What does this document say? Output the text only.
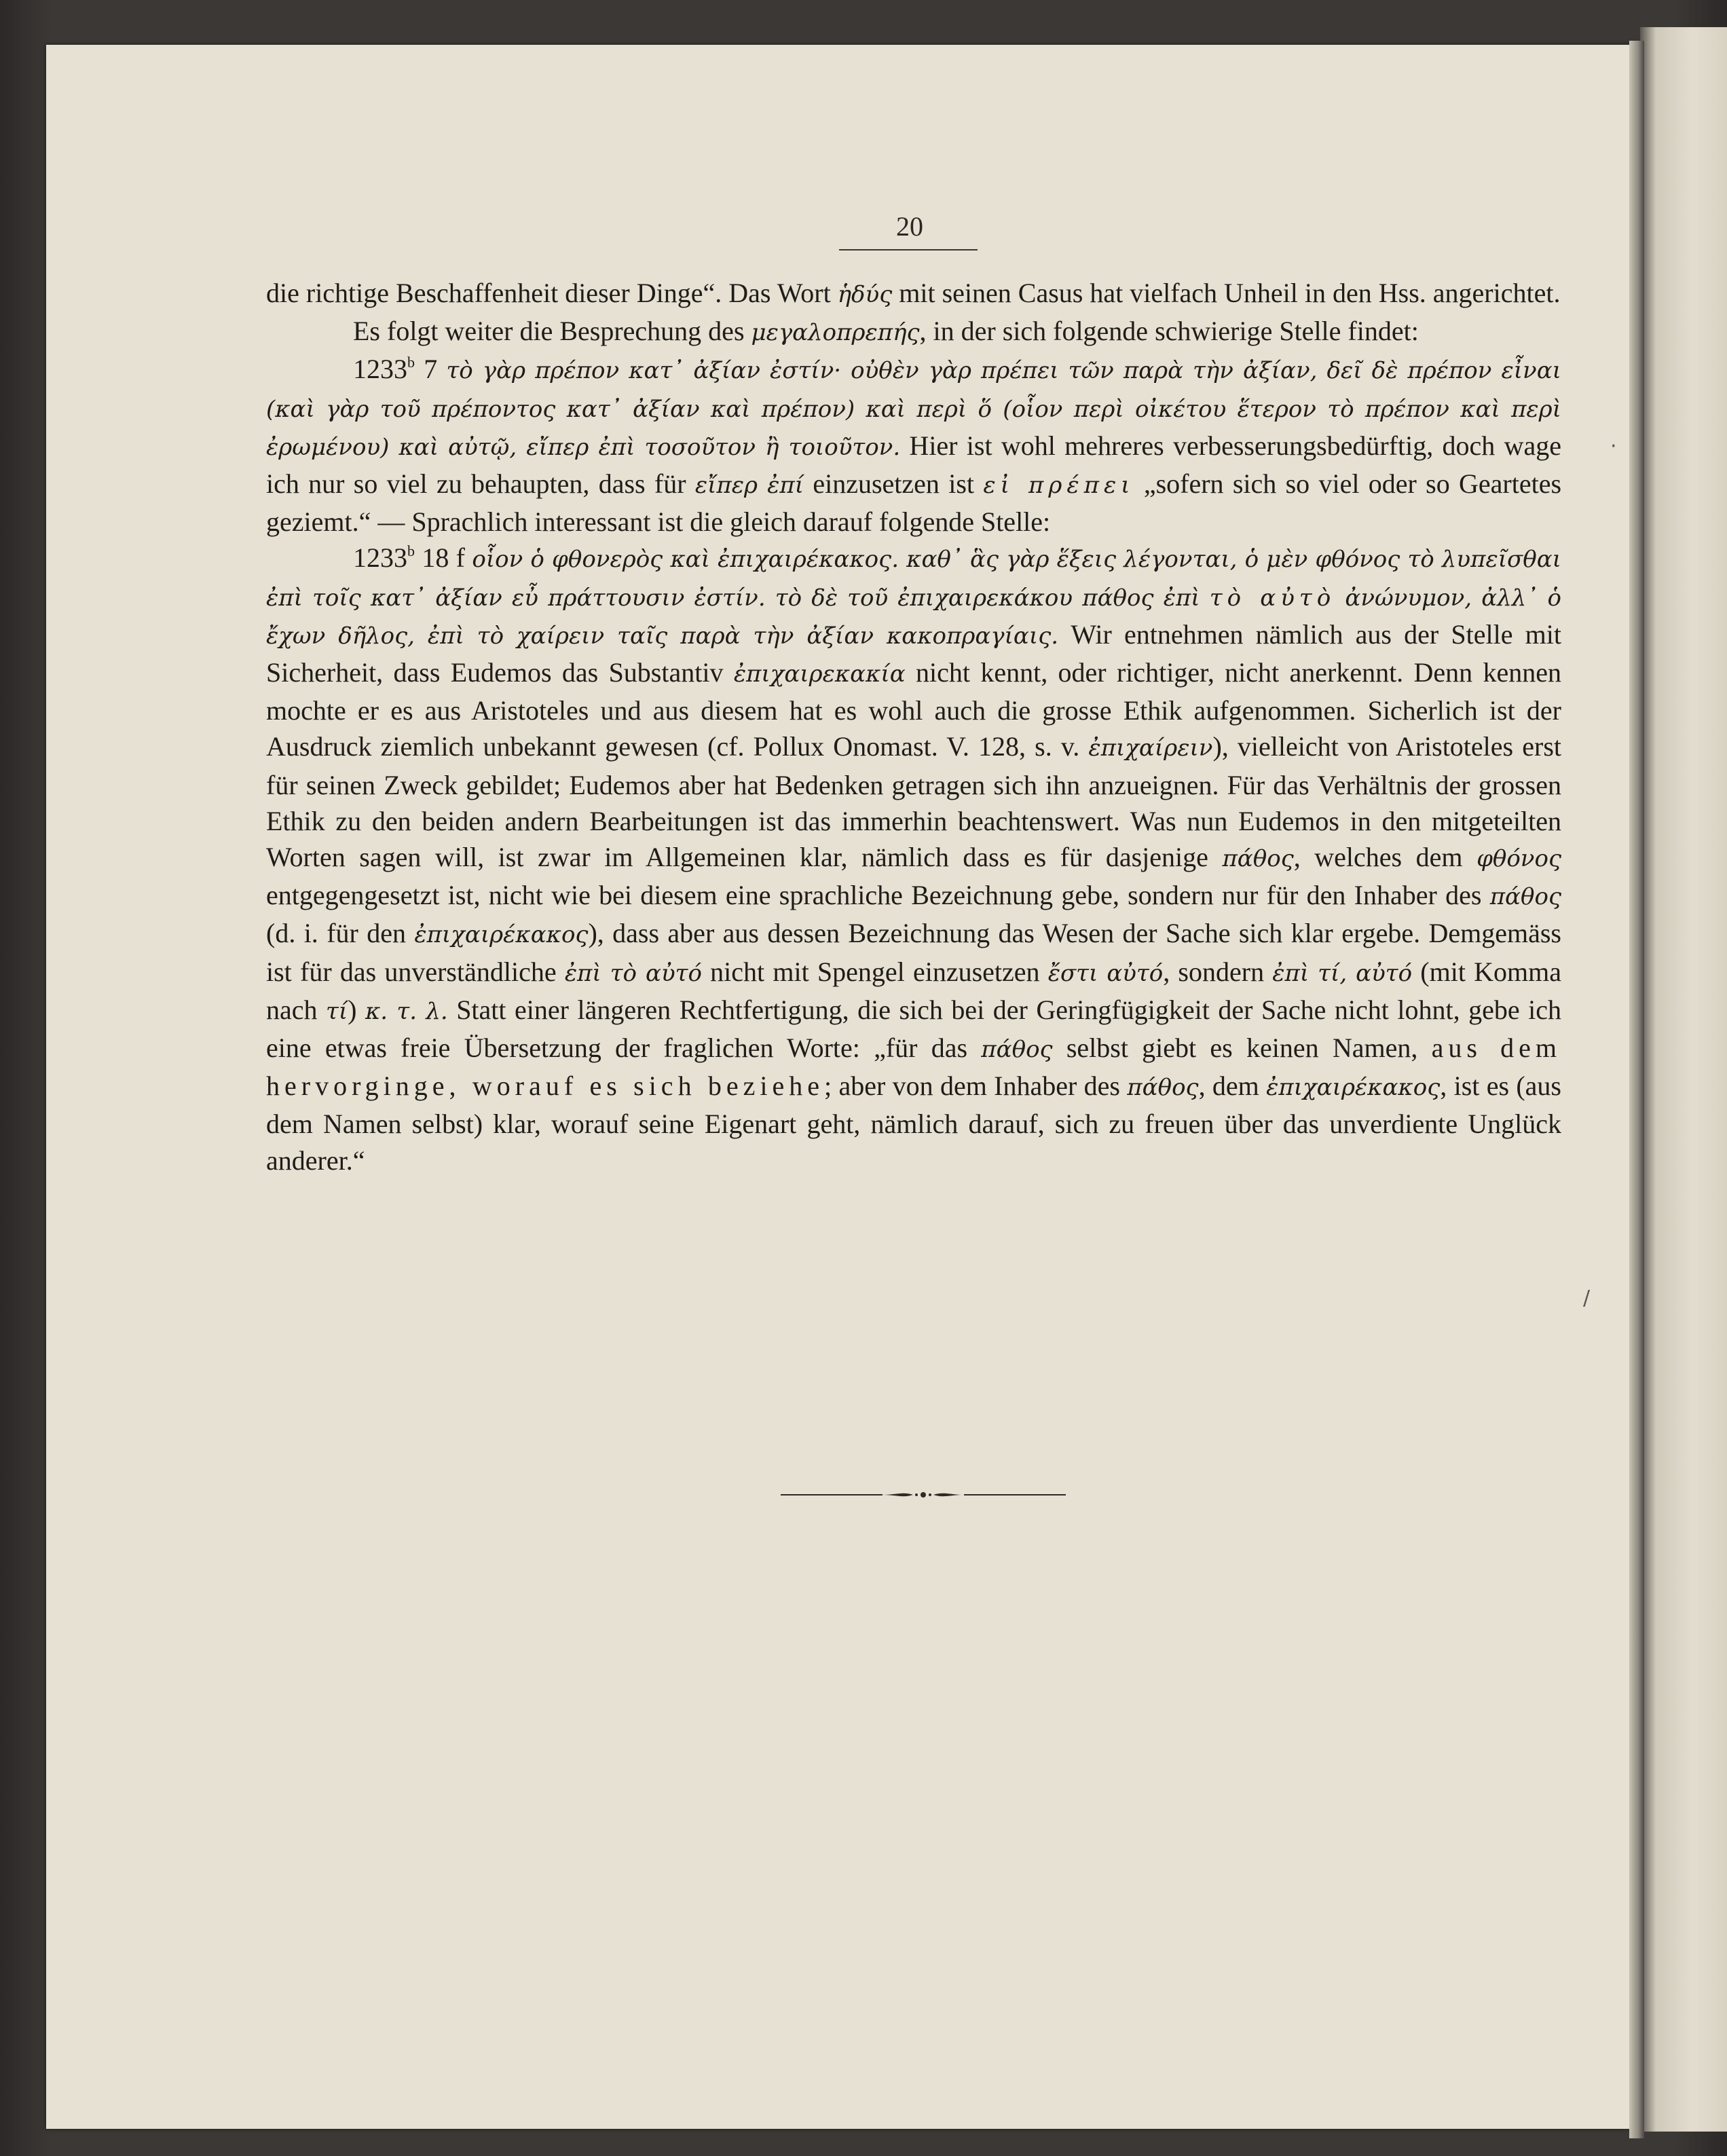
20

die richtige Beschaffenheit dieser Dinge“. Das Wort ἡδύς mit seinen Casus hat vielfach Unheil in den Hss. angerichtet.

Es folgt weiter die Besprechung des μεγαλοπρεπής, in der sich folgende schwierige Stelle findet:

1233$^b$ 7 τὸ γὰρ πρέπον κατ᾽ ἀξίαν ἐστίν· οὐθὲν γὰρ πρέπει τῶν παρὰ τὴν ἀξίαν, δεῖ δὲ πρέπον εἶναι (καὶ γὰρ τοῦ πρέποντος κατ᾽ ἀξίαν καὶ πρέπον) καὶ περὶ ὅ (οἷον περὶ οἰκέτου ἕτερον τὸ πρέπον καὶ περὶ ἐρωμένου) καὶ αὐτῷ, εἴπερ ἐπὶ τοσοῦτον ἢ τοιοῦτον. Hier ist wohl mehreres verbesserungsbedürftig, doch wage ich nur so viel zu behaupten, dass für εἴπερ ἐπί einzusetzen ist εἰ πρέπει „sofern sich so viel oder so Geartetes geziemt.“ — Sprachlich interessant ist die gleich darauf folgende Stelle:

1233$^b$ 18 f οἷον ὁ φθονερὸς καὶ ἐπιχαιρέκακος. καθ᾽ ἃς γὰρ ἕξεις λέγονται, ὁ μὲν φθόνος τὸ λυπεῖσθαι ἐπὶ τοῖς κατ᾽ ἀξίαν εὖ πράττουσιν ἐστίν. τὸ δὲ τοῦ ἐπιχαιρεκάκου πάθος ἐπὶ τὸ αὐτὸ ἀνώνυμον, ἀλλ᾽ ὁ ἔχων δῆλος, ἐπὶ τὸ χαίρειν ταῖς παρὰ τὴν ἀξίαν κακοπραγίαις. Wir entnehmen nämlich aus der Stelle mit Sicherheit, dass Eudemos das Substantiv ἐπιχαιρεκακία nicht kennt, oder richtiger, nicht anerkennt. Denn kennen mochte er es aus Aristoteles und aus diesem hat es wohl auch die grosse Ethik aufgenommen. Sicherlich ist der Ausdruck ziemlich unbekannt gewesen (cf. Pollux Onomast. V. 128, s. v. ἐπιχαίρειν), vielleicht von Aristoteles erst für seinen Zweck gebildet; Eudemos aber hat Bedenken getragen sich ihn anzueignen. Für das Verhältnis der grossen Ethik zu den beiden andern Bearbeitungen ist das immerhin beachtenswert. Was nun Eudemos in den mitgeteilten Worten sagen will, ist zwar im Allgemeinen klar, nämlich dass es für dasjenige πάθος, welches dem φθόνος entgegengesetzt ist, nicht wie bei diesem eine sprachliche Bezeichnung gebe, sondern nur für den Inhaber des πάθος (d. i. für den ἐπιχαιρέκακος), dass aber aus dessen Bezeichnung das Wesen der Sache sich klar ergebe. Demgemäss ist für das unverständliche ἐπὶ τὸ αὐτό nicht mit Spengel einzusetzen ἔστι αὐτό, sondern ἐπὶ τί, αὐτό (mit Komma nach τί) κ. τ. λ. Statt einer längeren Rechtfertigung, die sich bei der Geringfügigkeit der Sache nicht lohnt, gebe ich eine etwas freie Übersetzung der fraglichen Worte: „für das πάθος selbst giebt es keinen Namen, aus dem hervorginge, worauf es sich beziehe; aber von dem Inhaber des πάθος, dem ἐπιχαιρέκακος, ist es (aus dem Namen selbst) klar, worauf seine Eigenart geht, nämlich darauf, sich zu freuen über das unverdiente Unglück anderer.“

·
/
